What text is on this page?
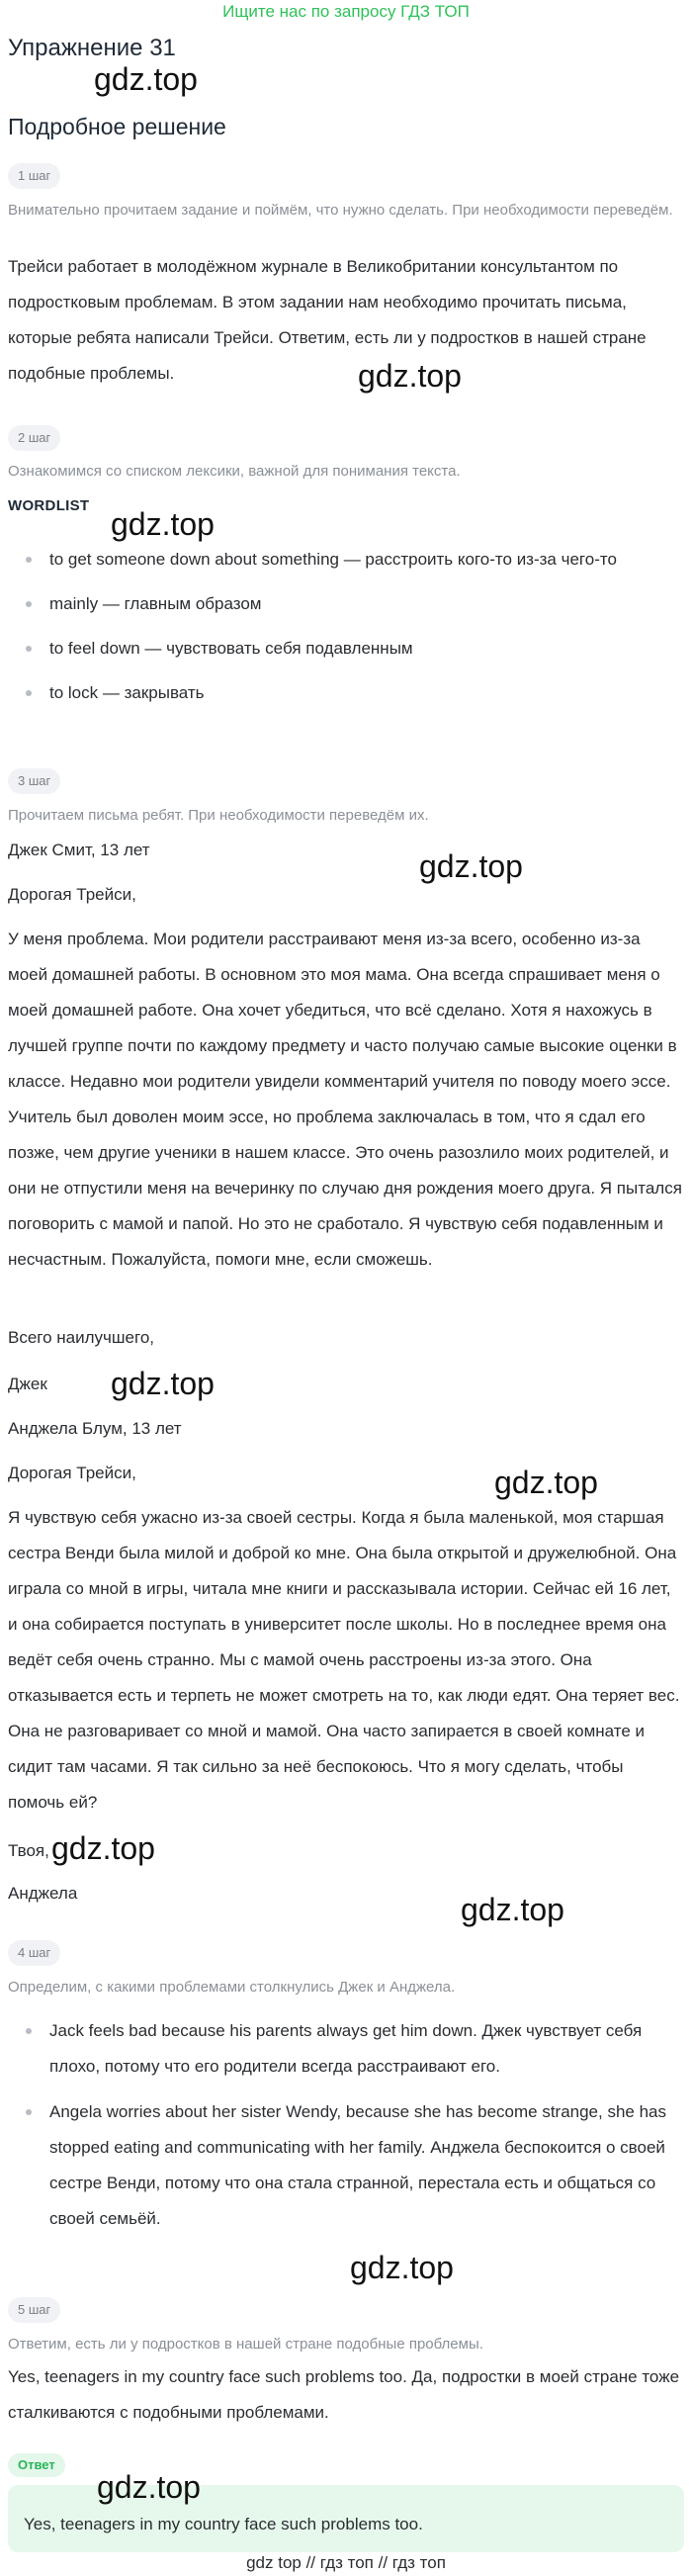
Ищите нас по запросу ГДЗ ТОП
Упражнение 31
gdz.top
Подробное решение
1 шаг
Внимательно прочитаем задание и поймём, что нужно сделать. При необходимости переведём.
Трейси работает в молодёжном журнале в Великобритании консультантом по подростковым проблемам. В этом задании нам необходимо прочитать письма, которые ребята написали Трейси. Ответим, есть ли у подростков в нашей стране подобные проблемы.	gdz.top
2 шаг
Ознакомимся со списком лексики, важной для понимания текста.
WORDLIST
gdz.top
to get someone down about something — расстроить кого-то из-за чего-то
mainly — главным образом
to feel down — чувствовать себя подавленным
to lock — закрывать
3 шаг
Прочитаем письма ребят. При необходимости переведём их.
Джек Смит, 13 лет	gdz.top
Дорогая Трейси,
У меня проблема. Мои родители расстраивают меня из-за всего, особенно из-за моей домашней работы. В основном это моя мама. Она всегда спрашивает меня о моей домашней работе. Она хочет убедиться, что всё сделано. Хотя я нахожусь в лучшей группе почти по каждому предмету и часто получаю самые высокие оценки в классе. Недавно мои родители увидели комментарий учителя по поводу моего эссе. Учитель был доволен моим эссе, но проблема заключалась в том, что я сдал его позже, чем другие ученики в нашем классе. Это очень разозлило моих родителей, и они не отпустили меня на вечеринку по случаю дня рождения моего друга. Я пытался поговорить с мамой и папой. Но это не сработало. Я чувствую себя подавленным и несчастным. Пожалуйста, помоги мне, если сможешь.
Всего наилучшего,
Джек gdz.top
Анджела Блум, 13 лет
Дорогая Трейси,	gdz.top
Я чувствую себя ужасно из-за своей сестры. Когда я была маленькой, моя старшая сестра Венди была милой и доброй ко мне. Она была открытой и дружелюбной. Она играла со мной в игры, читала мне книги и рассказывала истории. Сейчас ей 16 лет, и она собирается поступать в университет после школы. Но в последнее время она ведёт себя очень странно. Мы с мамой очень расстроены из-за этого. Она отказывается есть и терпеть не может смотреть на то, как люди едят. Она теряет вес. Она не разговаривает со мной и мамой. Она часто запирается в своей комнате и сидит там часами. Я так сильно за неё беспокоюсь. Что я могу сделать, чтобы помочь ей?
Твоя, gdz.top
Анджела	gdz.top
4 шаг
Определим, с какими проблемами столкнулись Джек и Анджела.
Jack feels bad because his parents always get him down. Джек чувствует себя плохо, потому что его родители всегда расстраивают его.
Angela worries about her sister Wendy, because she has become strange, she has stopped eating and communicating with her family. Анджела беспокоится о своей сестре Венди, потому что она стала странной, перестала есть и общаться со своей семьёй.
gdz.top
5 шаг
Ответим, есть ли у подростков в нашей стране подобные проблемы.
Yes, teenagers in my country face such problems too. Да, подростки в моей стране тоже сталкиваются с подобными проблемами.
Ответ
gdz.top
Yes, teenagers in my country face such problems too.
gdz top // гдз топ // гдз топ
